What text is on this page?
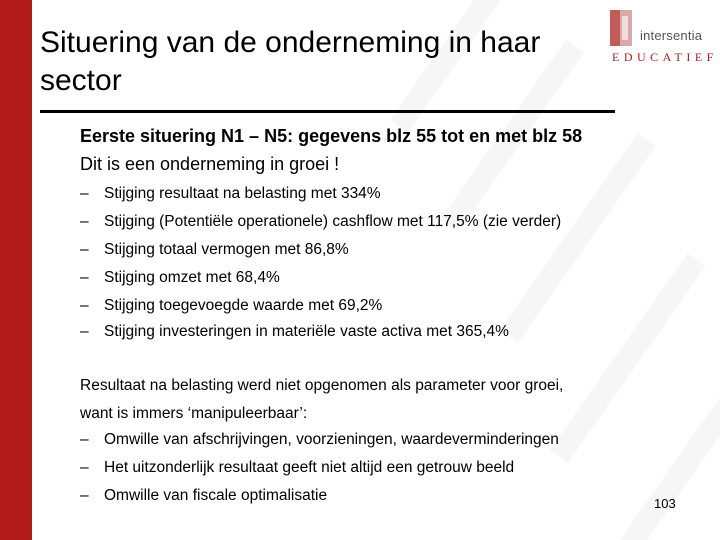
Situering van de onderneming in haar sector
intersentia
EDUCATIEF
Eerste situering N1 – N5: gegevens blz 55 tot en met blz 58
Dit is een onderneming in groei !
– Stijging resultaat na belasting met 334%
– Stijging (Potentiële operationele) cashflow met 117,5% (zie verder)
– Stijging totaal vermogen met 86,8%
– Stijging omzet met 68,4%
– Stijging toegevoegde waarde met 69,2%
– Stijging investeringen in materiële vaste activa met 365,4%
Resultaat na belasting werd niet opgenomen als parameter voor groei,
want is immers ‘manipuleerbaar’:
– Omwille van afschrijvingen, voorzieningen, waardeverminderingen
– Het uitzonderlijk resultaat geeft niet altijd een getrouw beeld
– Omwille van fiscale optimalisatie	103
